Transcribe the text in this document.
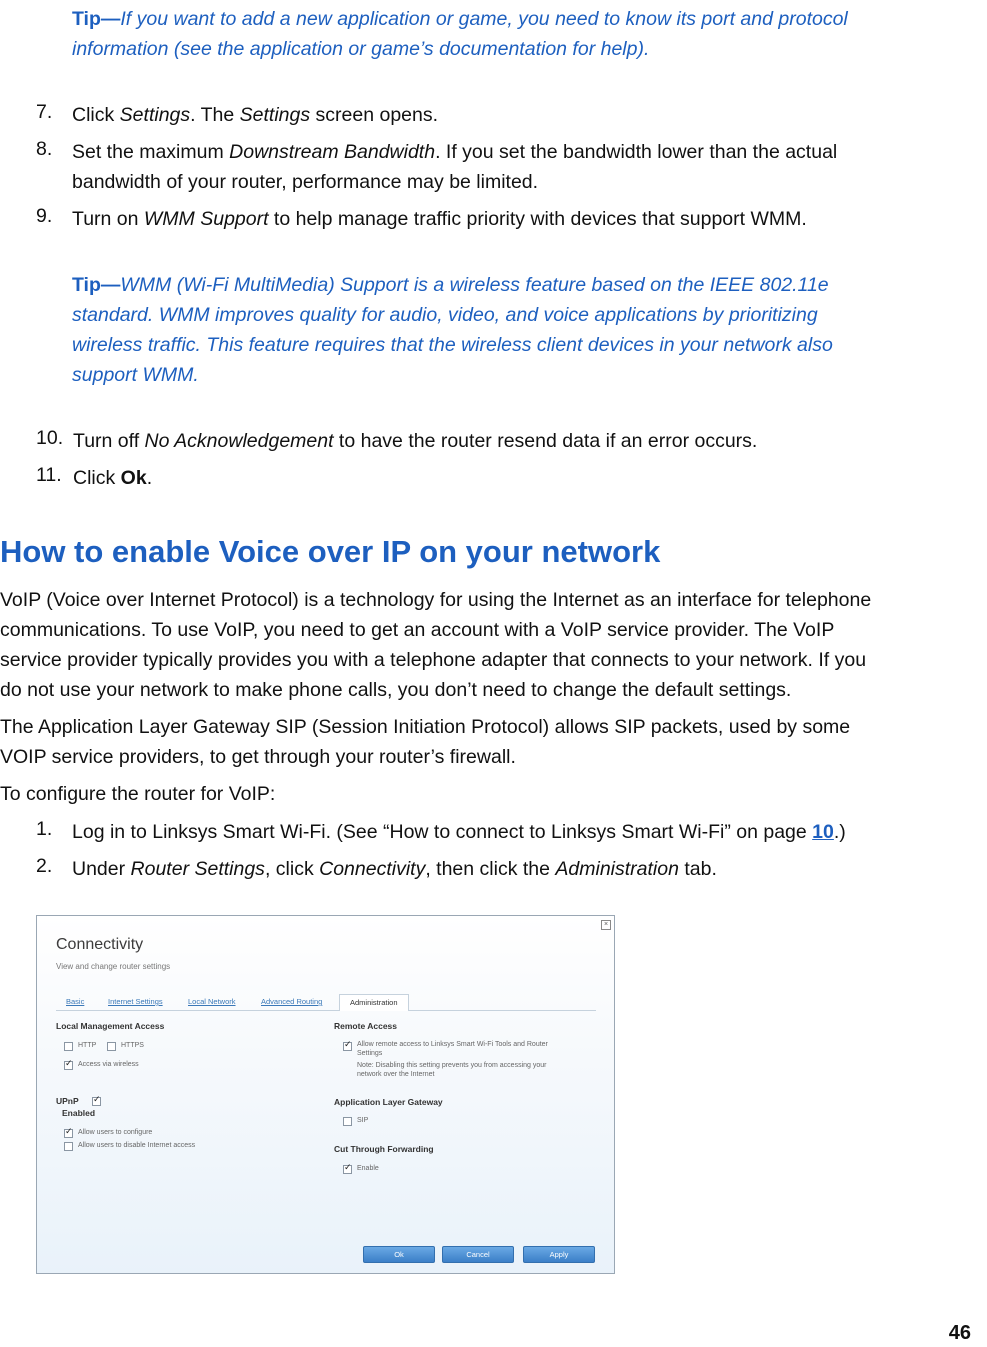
Tip—If you want to add a new application or game, you need to know its port and protocol
information (see the application or game’s documentation for help).
7. Click Settings. The Settings screen opens.
8. Set the maximum Downstream Bandwidth. If you set the bandwidth lower than the actual
bandwidth of your router, performance may be limited.
9. Turn on WMM Support to help manage traffic priority with devices that support WMM.
Tip—WMM (Wi-Fi MultiMedia) Support is a wireless feature based on the IEEE 802.11e
standard. WMM improves quality for audio, video, and voice applications by prioritizing
wireless traffic. This feature requires that the wireless client devices in your network also
support WMM.
10. Turn off No Acknowledgement to have the router resend data if an error occurs.
11. Click Ok.
How to enable Voice over IP on your network
VoIP (Voice over Internet Protocol) is a technology for using the Internet as an interface for telephone
communications. To use VoIP, you need to get an account with a VoIP service provider. The VoIP
service provider typically provides you with a telephone adapter that connects to your network. If you
do not use your network to make phone calls, you don’t need to change the default settings.
The Application Layer Gateway SIP (Session Initiation Protocol) allows SIP packets, used by some
VOIP service providers, to get through your router’s firewall.
To configure the router for VoIP:
1. Log in to Linksys Smart Wi-Fi. (See “How to connect to Linksys Smart Wi-Fi” on page 10.)
2. Under Router Settings, click Connectivity, then click the Administration tab.
×
Connectivity
View and change router settings
Basic	Internet Settings	Local Network	Advanced Routing	Administration
Local Management Access
HTTP	HTTPS
✓
Access via wireless
UPnP
✓
Enabled
✓
Allow users to configure
Allow users to disable Internet access
Remote Access
✓
Allow remote access to Linksys Smart Wi-Fi Tools and Router
Settings
Note: Disabling this setting prevents you from accessing your
network over the Internet
Application Layer Gateway
SIP
Cut Through Forwarding
✓
Enable
Ok	Cancel	Apply
46
